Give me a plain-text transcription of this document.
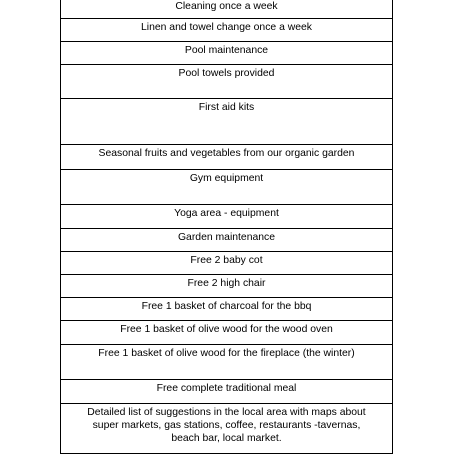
Cleaning once a week
Linen and towel change once a week
Pool maintenance
Pool towels provided
First aid kits
Seasonal fruits and vegetables from our organic garden
Gym equipment
Yoga area - equipment
Garden maintenance
Free 2 baby cot
Free 2 high chair
Free 1 basket of charcoal for the bbq
Free 1 basket of olive wood for the wood oven
Free 1 basket of olive wood for the fireplace (the winter)
Free complete traditional meal

Detailed list of suggestions in the local area with maps about
super markets, gas stations, coffee, restaurants -tavernas,
beach bar, local market.
